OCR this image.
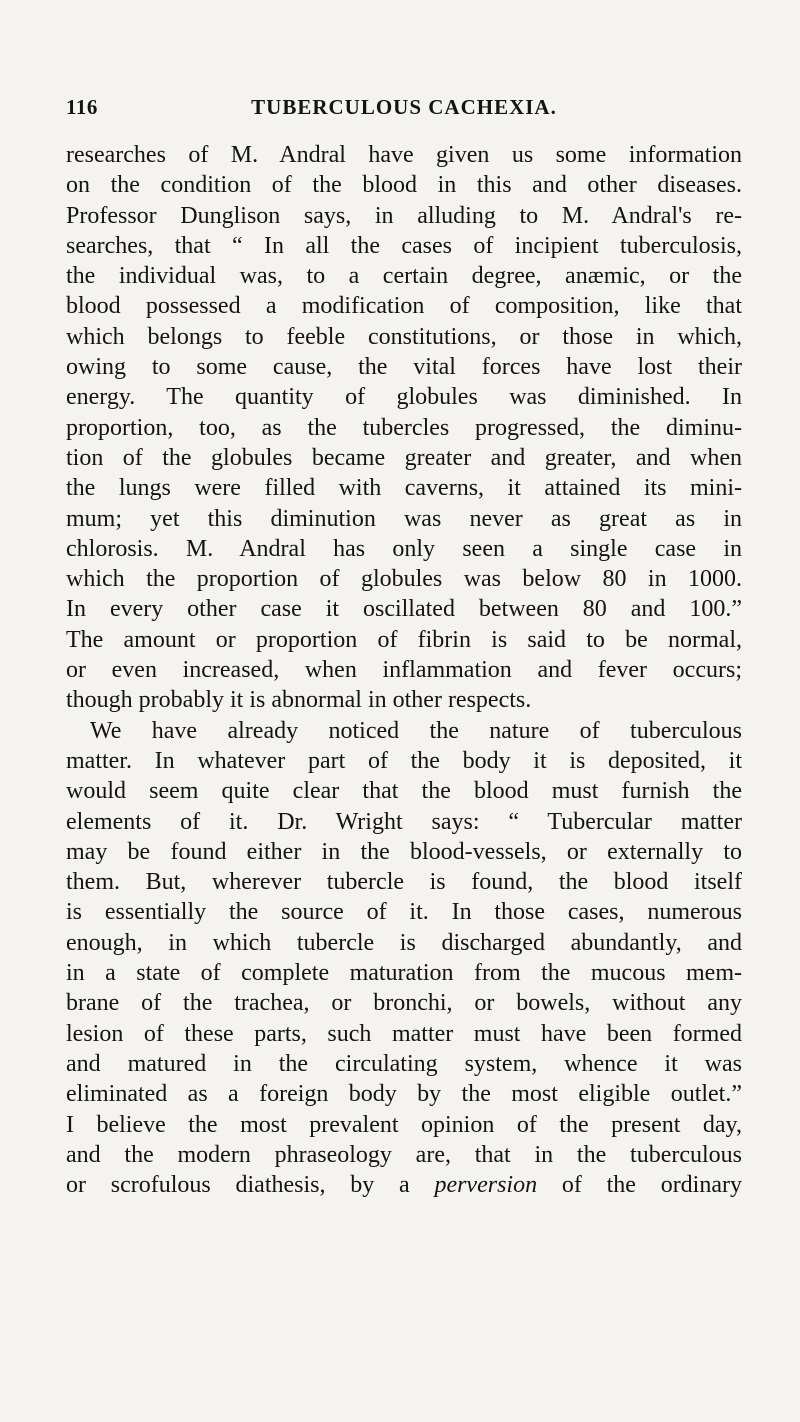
116	TUBERCULOUS CACHEXIA.
researches of M. Andral have given us some information
on the condition of the blood in this and other diseases.
Professor Dunglison says, in alluding to M. Andral's re-
searches, that “ In all the cases of incipient tuberculosis,
the individual was, to a certain degree, anæmic, or the
blood possessed a modification of composition, like that
which belongs to feeble constitutions, or those in which,
owing to some cause, the vital forces have lost their
energy. The quantity of globules was diminished. In
proportion, too, as the tubercles progressed, the diminu-
tion of the globules became greater and greater, and when
the lungs were filled with caverns, it attained its mini-
mum; yet this diminution was never as great as in
chlorosis. M. Andral has only seen a single case in
which the proportion of globules was below 80 in 1000.
In every other case it oscillated between 80 and 100.”
The amount or proportion of fibrin is said to be normal,
or even increased, when inflammation and fever occurs;
though probably it is abnormal in other respects.
We have already noticed the nature of tuberculous
matter. In whatever part of the body it is deposited, it
would seem quite clear that the blood must furnish the
elements of it. Dr. Wright says: “ Tubercular matter
may be found either in the blood-vessels, or externally to
them. But, wherever tubercle is found, the blood itself
is essentially the source of it. In those cases, numerous
enough, in which tubercle is discharged abundantly, and
in a state of complete maturation from the mucous mem-
brane of the trachea, or bronchi, or bowels, without any
lesion of these parts, such matter must have been formed
and matured in the circulating system, whence it was
eliminated as a foreign body by the most eligible outlet.”
I believe the most prevalent opinion of the present day,
and the modern phraseology are, that in the tuberculous
or scrofulous diathesis, by a perversion of the ordinary
